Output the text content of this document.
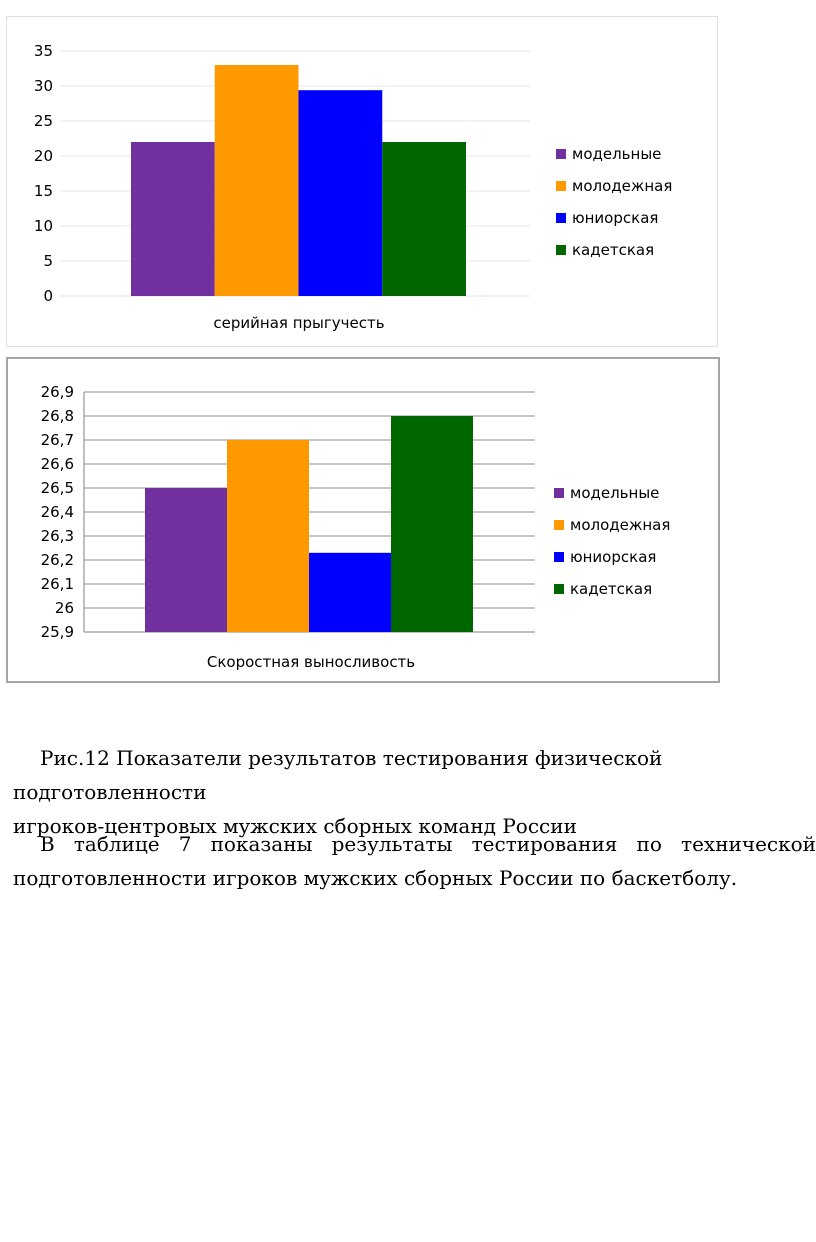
0
5
10
15
20
25
30
35
серийная прыгучесть
модельные
молодежная
юниорская
кадетская
25,9
26
26,1
26,2
26,3
26,4
26,5
26,6
26,7
26,8
26,9
Скоростная выносливость
модельные
молодежная
юниорская
кадетская

Рис.12 Показатели результатов тестирования физической подготовленности

игроков-центровых мужских сборных команд России

В таблице 7 показаны результаты тестирования по технической

подготовленности игроков мужских сборных России по баскетболу.
